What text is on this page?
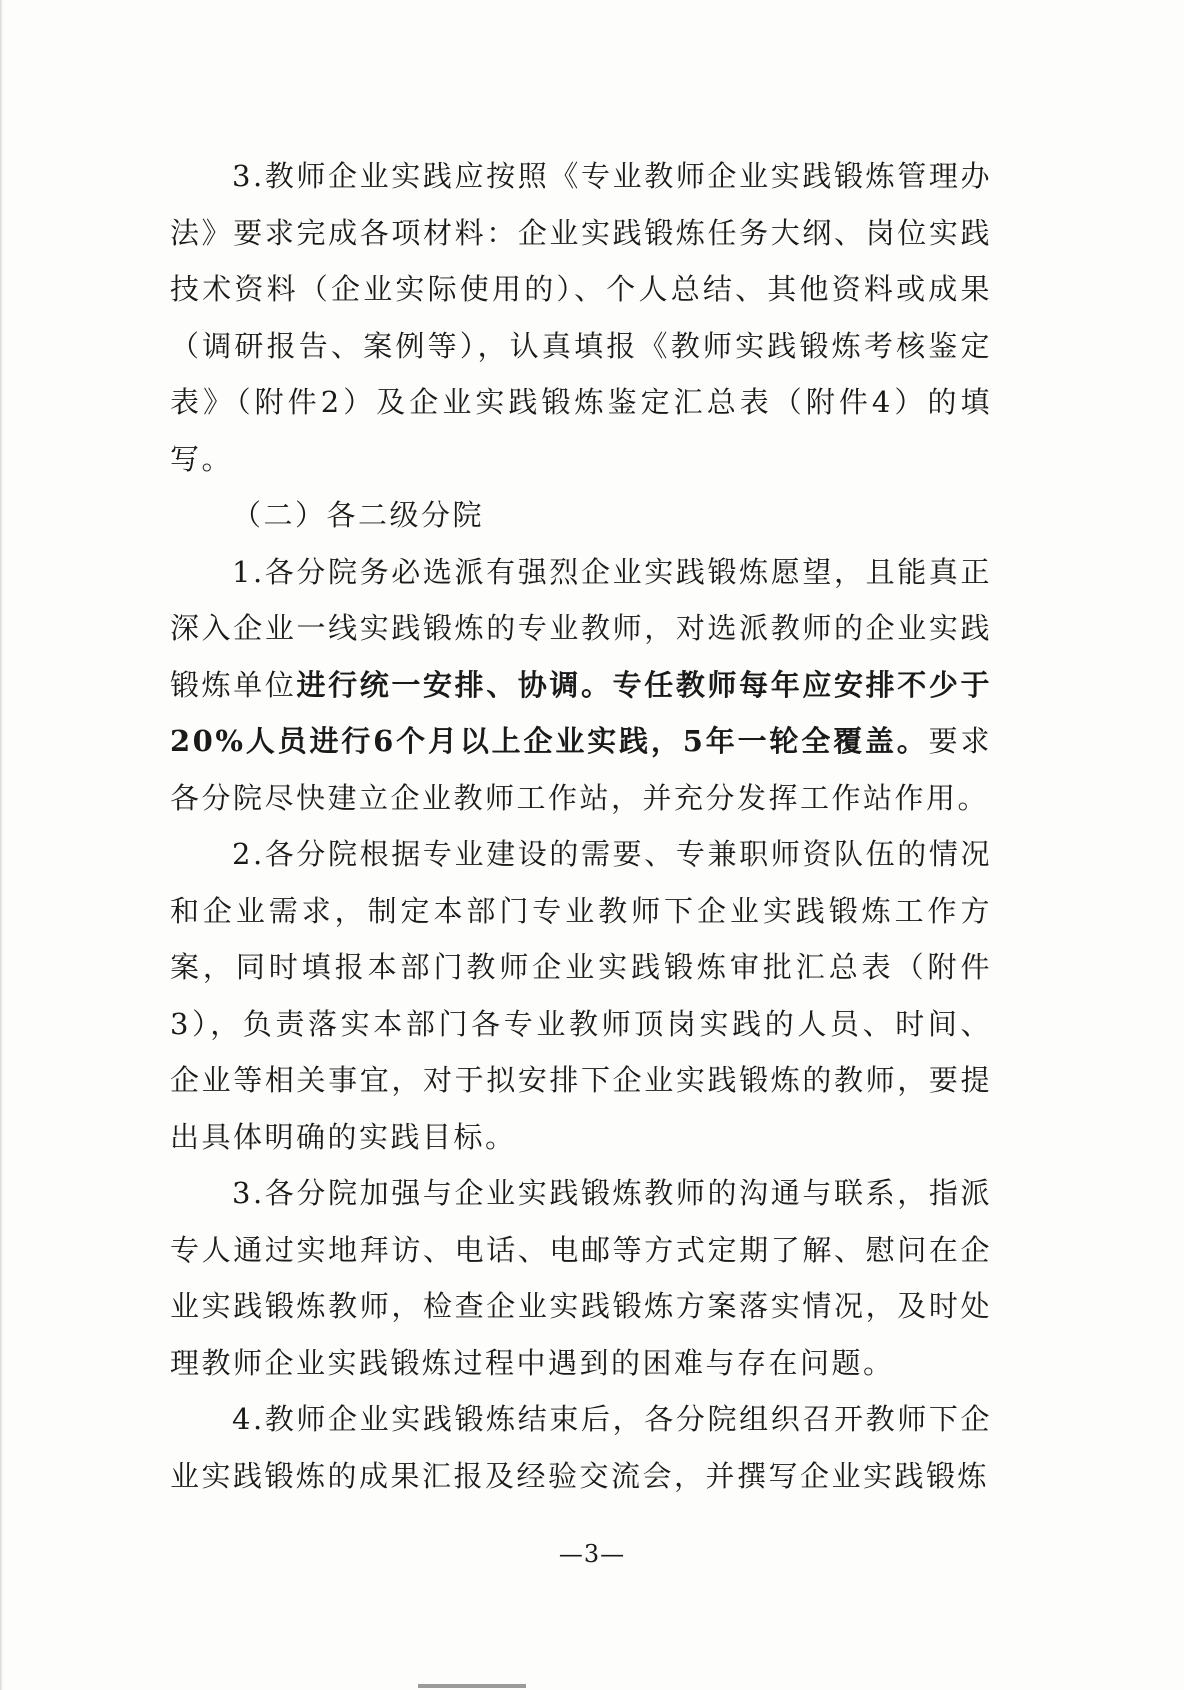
3.教师企业实践应按照《专业教师企业实践锻炼管理办法》要求完成各项材料：企业实践锻炼任务大纲、岗位实践技术资料（企业实际使用的）、个人总结、其他资料或成果（调研报告、案例等），认真填报《教师实践锻炼考核鉴定表》（附件2）及企业实践锻炼鉴定汇总表（附件4）的填写。

（二）各二级分院

1.各分院务必选派有强烈企业实践锻炼愿望，且能真正深入企业一线实践锻炼的专业教师，对选派教师的企业实践锻炼单位进行统一安排、协调。专任教师每年应安排不少于20%人员进行6个月以上企业实践，5年一轮全覆盖。要求各分院尽快建立企业教师工作站，并充分发挥工作站作用。

2.各分院根据专业建设的需要、专兼职师资队伍的情况和企业需求，制定本部门专业教师下企业实践锻炼工作方案，同时填报本部门教师企业实践锻炼审批汇总表（附件3），负责落实本部门各专业教师顶岗实践的人员、时间、企业等相关事宜，对于拟安排下企业实践锻炼的教师，要提出具体明确的实践目标。

3.各分院加强与企业实践锻炼教师的沟通与联系，指派专人通过实地拜访、电话、电邮等方式定期了解、慰问在企业实践锻炼教师，检查企业实践锻炼方案落实情况，及时处理教师企业实践锻炼过程中遇到的困难与存在问题。

4.教师企业实践锻炼结束后，各分院组织召开教师下企业实践锻炼的成果汇报及经验交流会，并撰写企业实践锻炼

—3—
